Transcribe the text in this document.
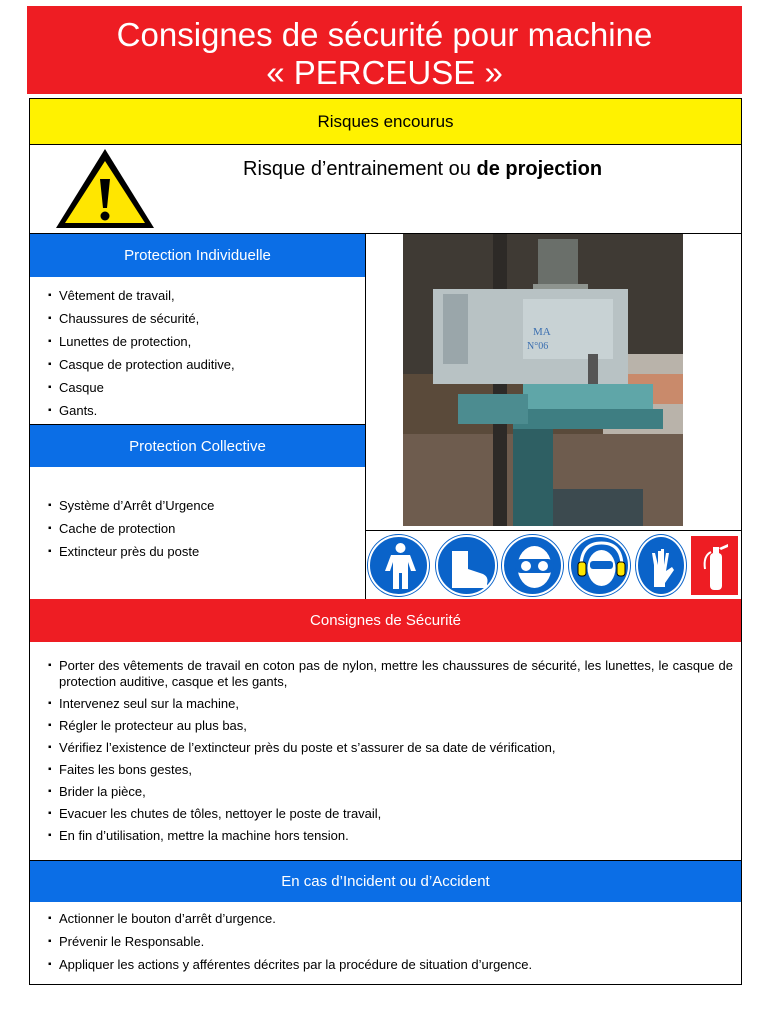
Consignes de sécurité pour machine
« PERCEUSE »
Risques encourus
Risque d’entrainement ou de projection
Protection Individuelle
▪ Vêtement de travail,
▪ Chaussures de sécurité,
▪ Lunettes de protection,
▪ Casque de protection auditive,
▪ Casque
▪ Gants.
Protection Collective
▪ Système d’Arrêt d’Urgence
▪ Cache de protection
▪ Extincteur près du poste
MA
N°06
Consignes de Sécurité
▪ Porter des vêtements de travail en coton pas de nylon, mettre les chaussures de sécurité, les lunettes, le casque de protection auditive, casque et les gants,
▪ Intervenez seul sur la machine,
▪ Régler le protecteur au plus bas,
▪ Vérifiez l’existence de l’extincteur près du poste et s’assurer de sa date de vérification,
▪ Faites les bons gestes,
▪ Brider la pièce,
▪ Evacuer les chutes de tôles, nettoyer le poste de travail,
▪ En fin d’utilisation, mettre la machine hors tension.
En cas d’Incident ou d’Accident
▪ Actionner le bouton d’arrêt d’urgence.
▪ Prévenir le Responsable.
▪ Appliquer les actions y afférentes décrites par la procédure de situation d’urgence.
